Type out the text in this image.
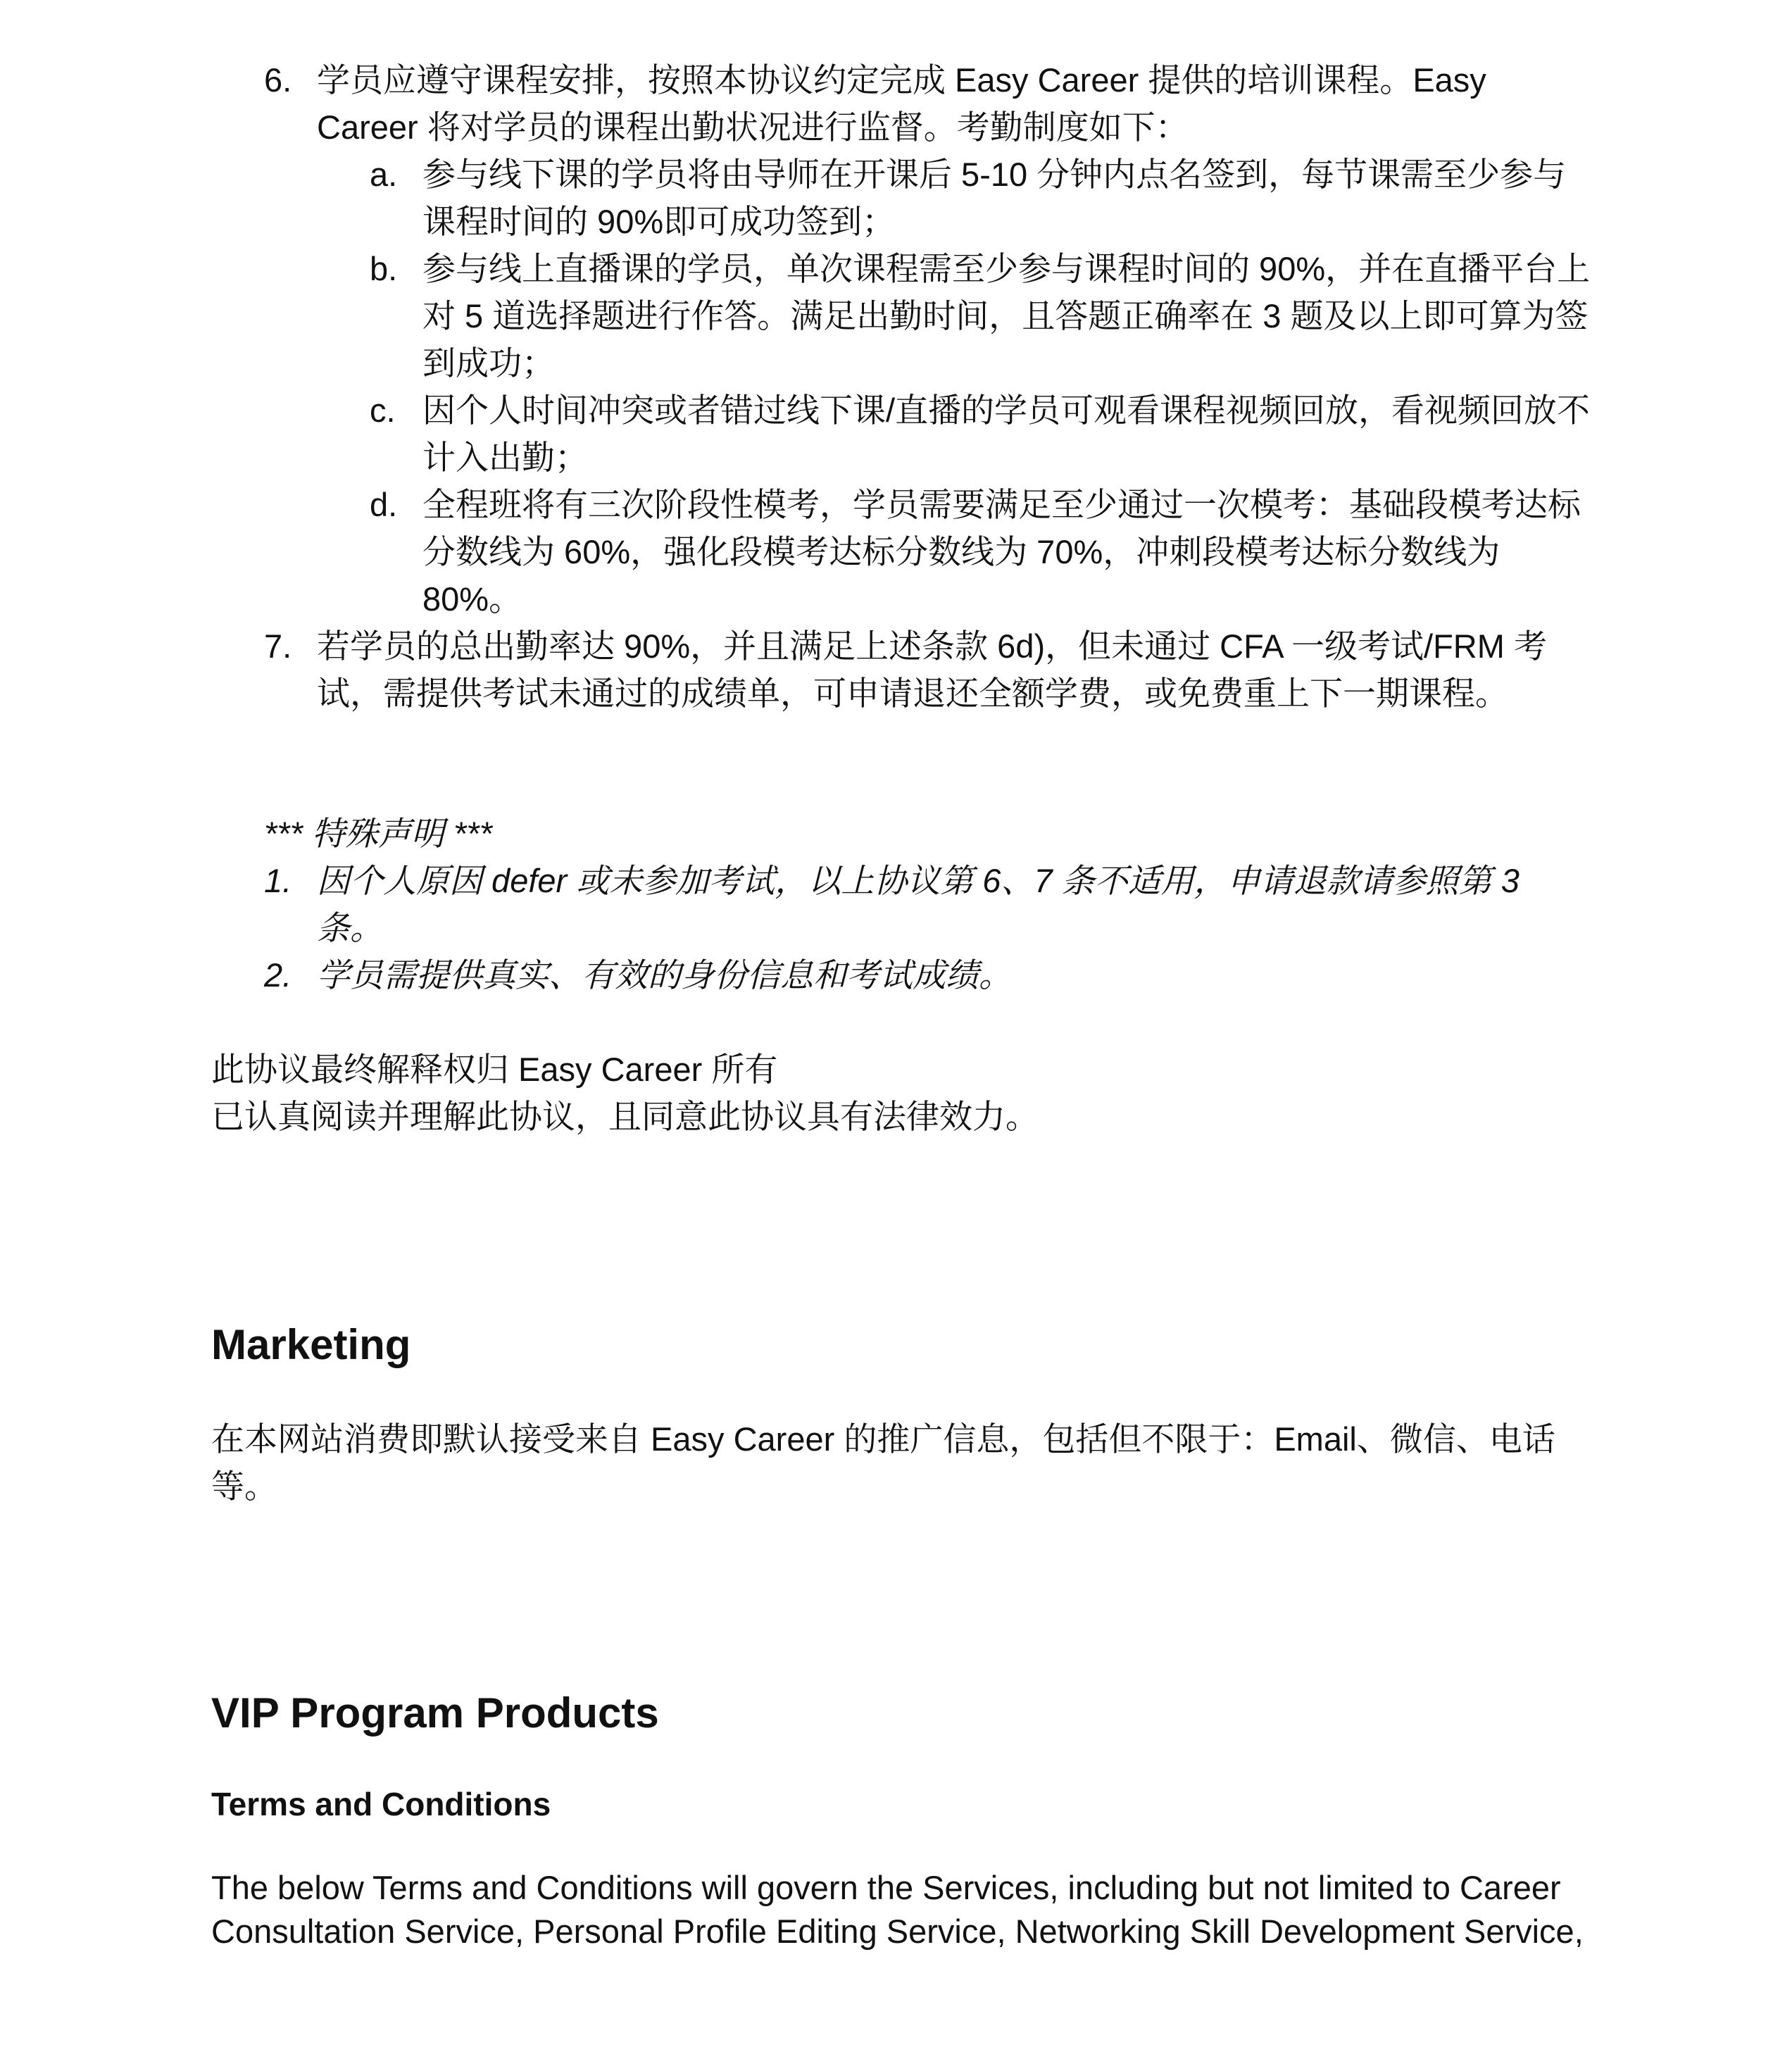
6. 学员应遵守课程安排，按照本协议约定完成 Easy Career 提供的培训课程。Easy Career 将对学员的课程出勤状况进行监督。考勤制度如下：
a. 参与线下课的学员将由导师在开课后 5-10 分钟内点名签到，每节课需至少参与课程时间的 90%即可成功签到；
b. 参与线上直播课的学员，单次课程需至少参与课程时间的 90%，并在直播平台上对 5 道选择题进行作答。满足出勤时间，且答题正确率在 3 题及以上即可算为签到成功；
c. 因个人时间冲突或者错过线下课/直播的学员可观看课程视频回放，看视频回放不计入出勤；
d. 全程班将有三次阶段性模考，学员需要满足至少通过一次模考：基础段模考达标分数线为 60%，强化段模考达标分数线为 70%，冲刺段模考达标分数线为 80%。
7. 若学员的总出勤率达 90%，并且满足上述条款 6d)，但未通过 CFA 一级考试/FRM 考试，需提供考试未通过的成绩单，可申请退还全额学费，或免费重上下一期课程。

*** 特殊声明 ***

1. 因个人原因 defer 或未参加考试，以上协议第 6、7 条不适用，申请退款请参照第 3 条。
2. 学员需提供真实、有效的身份信息和考试成绩。

此协议最终解释权归 Easy Career 所有

已认真阅读并理解此协议，且同意此协议具有法律效力。

Marketing

在本网站消费即默认接受来自 Easy Career 的推广信息，包括但不限于：Email、微信、电话等。

VIP Program Products
Terms and Conditions

The below Terms and Conditions will govern the Services, including but not limited to Career Consultation Service, Personal Profile Editing Service, Networking Skill Development Service,
